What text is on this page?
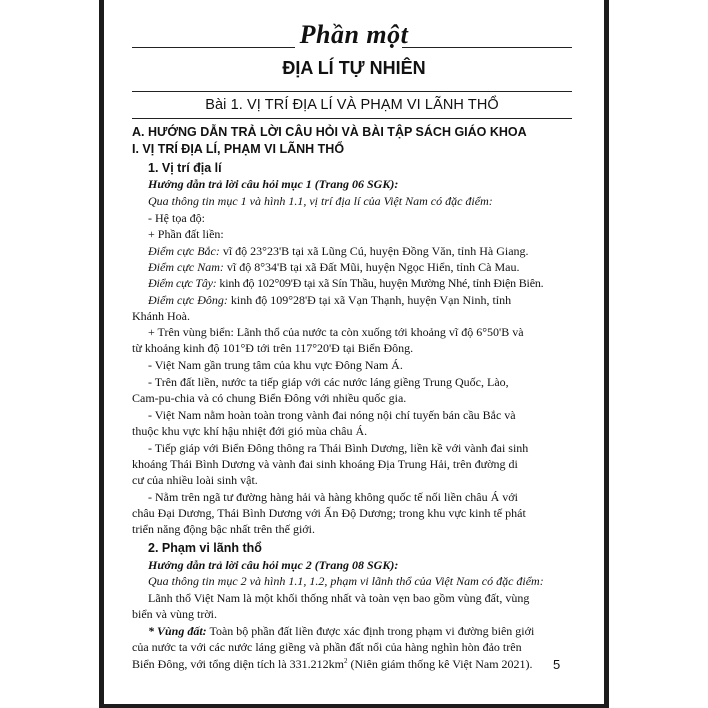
Phần một
ĐỊA LÍ TỰ NHIÊN
Bài 1. VỊ TRÍ ĐỊA LÍ VÀ PHẠM VI LÃNH THỔ
A. HƯỚNG DẪN TRẢ LỜI CÂU HỎI VÀ BÀI TẬP SÁCH GIÁO KHOA
I. VỊ TRÍ ĐỊA LÍ, PHẠM VI LÃNH THỔ
1. Vị trí địa lí
Hướng dẫn trả lời câu hỏi mục 1 (Trang 06 SGK):
Qua thông tin mục 1 và hình 1.1, vị trí địa lí của Việt Nam có đặc điểm:
- Hệ tọa độ:
+ Phần đất liền:
Điểm cực Bắc: vĩ độ 23°23'B tại xã Lũng Cú, huyện Đồng Văn, tỉnh Hà Giang.
Điểm cực Nam: vĩ độ 8°34'B tại xã Đất Mũi, huyện Ngọc Hiển, tỉnh Cà Mau.
Điểm cực Tây: kinh độ 102°09'Đ tại xã Sín Thầu, huyện Mường Nhé, tỉnh Điện Biên.
Điểm cực Đông: kinh độ 109°28'Đ tại xã Vạn Thạnh, huyện Vạn Ninh, tỉnh
Khánh Hoà.
+ Trên vùng biển: Lãnh thổ của nước ta còn xuống tới khoảng vĩ độ 6°50'B và
từ khoảng kinh độ 101°Đ tới trên 117°20'Đ tại Biển Đông.
- Việt Nam gần trung tâm của khu vực Đông Nam Á.
- Trên đất liền, nước ta tiếp giáp với các nước láng giềng Trung Quốc, Lào,
Cam-pu-chia và có chung Biển Đông với nhiều quốc gia.
- Việt Nam nằm hoàn toàn trong vành đai nóng nội chí tuyến bán cầu Bắc và
thuộc khu vực khí hậu nhiệt đới gió mùa châu Á.
- Tiếp giáp với Biển Đông thông ra Thái Bình Dương, liền kề với vành đai sinh
khoáng Thái Bình Dương và vành đai sinh khoáng Địa Trung Hải, trên đường di
cư của nhiều loài sinh vật.
- Nằm trên ngã tư đường hàng hải và hàng không quốc tế nối liền châu Á với
châu Đại Dương, Thái Bình Dương với Ấn Độ Dương; trong khu vực kinh tế phát
triển năng động bậc nhất trên thế giới.
2. Phạm vi lãnh thổ
Hướng dẫn trả lời câu hỏi mục 2 (Trang 08 SGK):
Qua thông tin mục 2 và hình 1.1, 1.2, phạm vi lãnh thổ của Việt Nam có đặc điểm:
Lãnh thổ Việt Nam là một khối thống nhất và toàn vẹn bao gồm vùng đất, vùng
biển và vùng trời.
* Vùng đất: Toàn bộ phần đất liền được xác định trong phạm vi đường biên giới
của nước ta với các nước láng giềng và phần đất nổi của hàng nghìn hòn đảo trên
Biển Đông, với tổng diện tích là $331.212km^2$ (Niên giám thống kê Việt Nam 2021). 5
